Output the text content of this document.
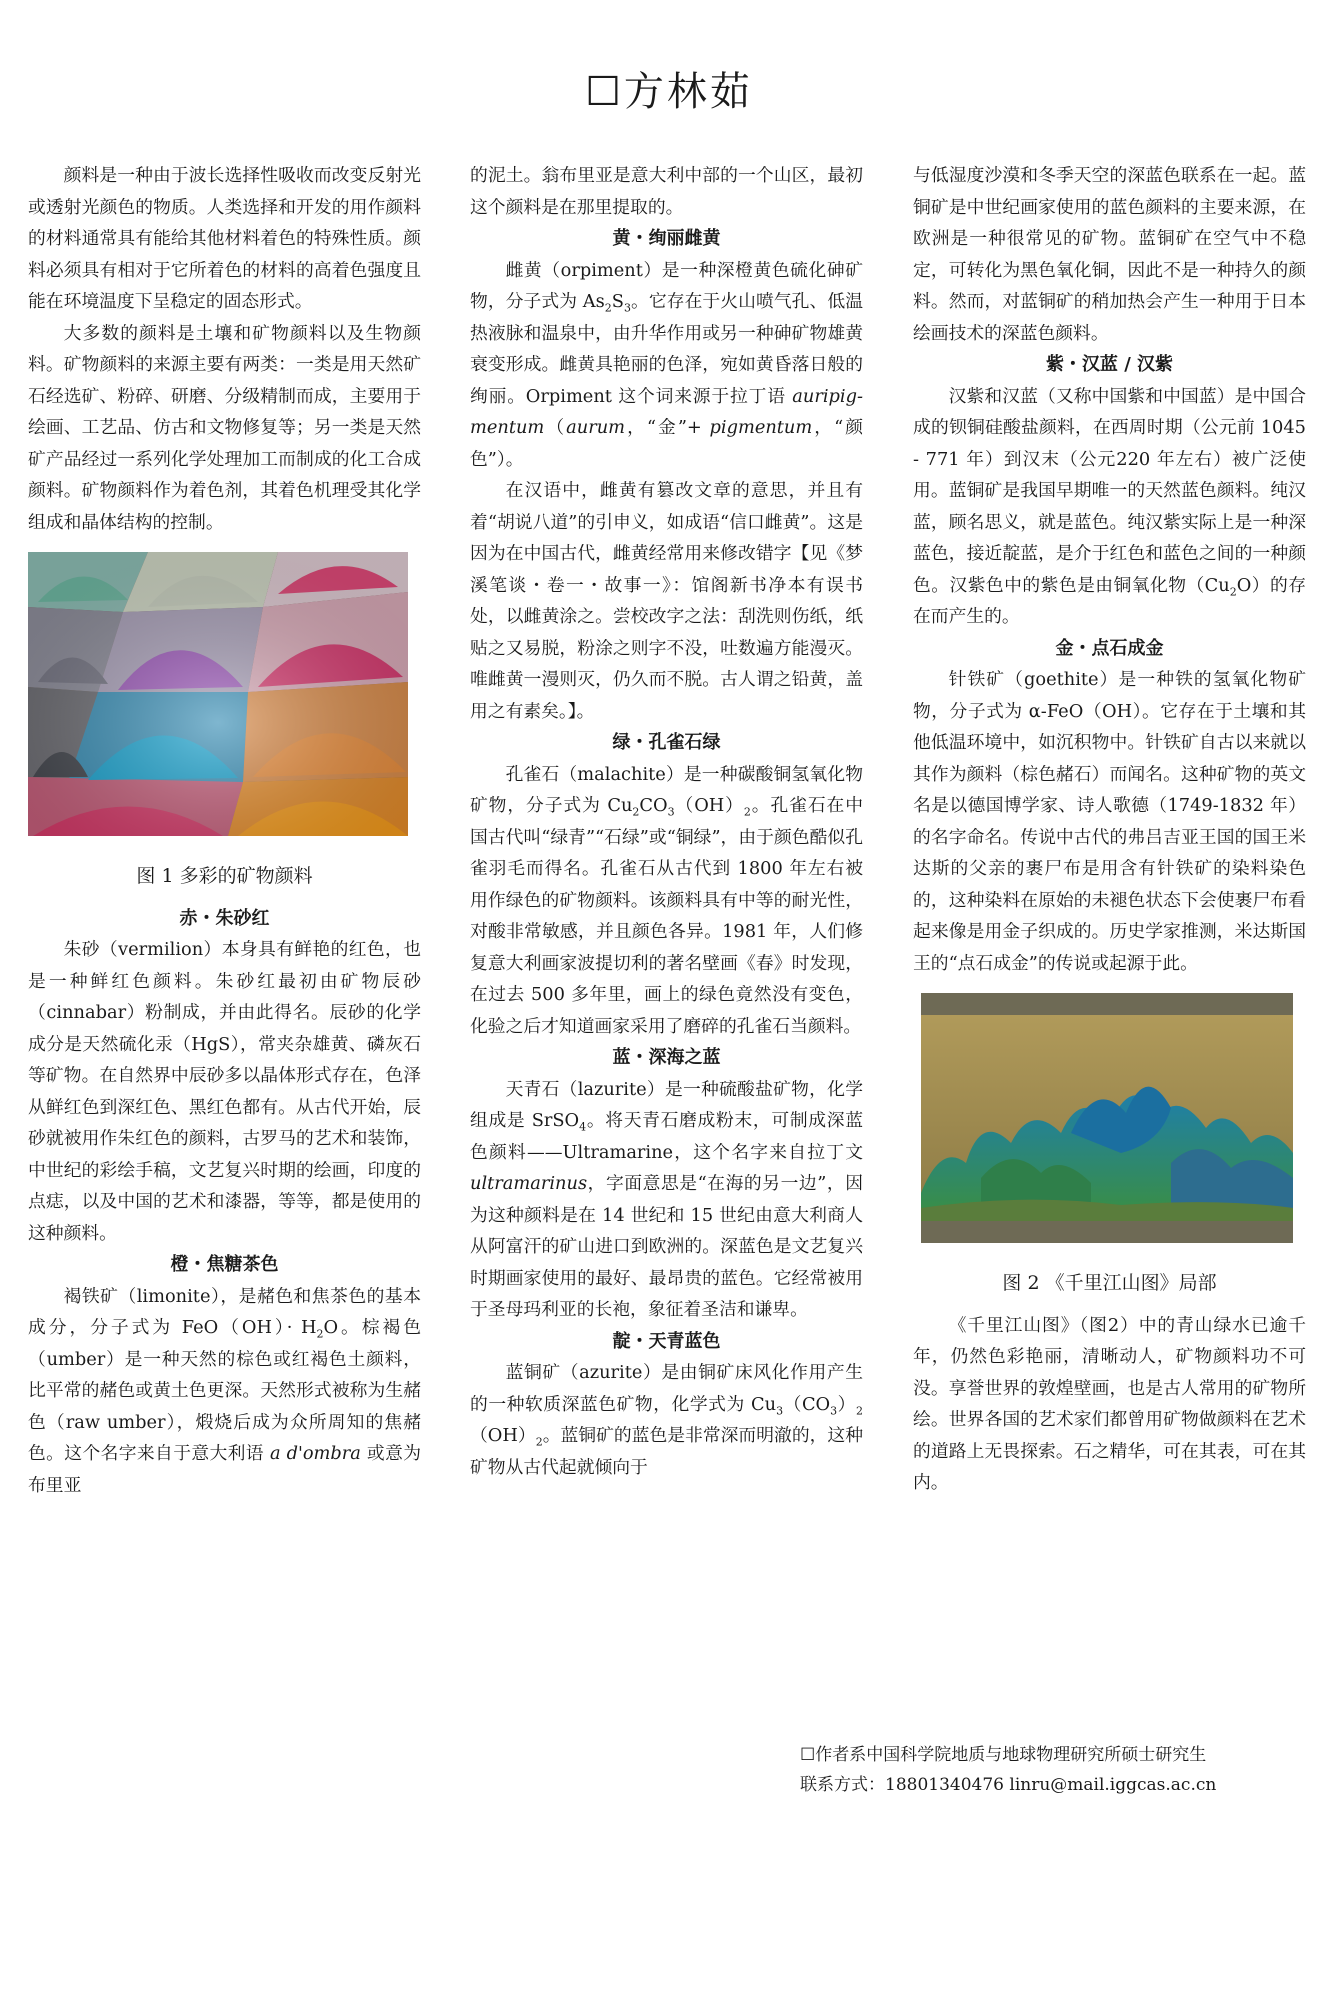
☐方林茹

颜料是一种由于波长选择性吸收而改变反射光或透射光颜色的物质。人类选择和开发的用作颜料的材料通常具有能给其他材料着色的特殊性质。颜料必须具有相对于它所着色的材料的高着色强度且能在环境温度下呈稳定的固态形式。

大多数的颜料是土壤和矿物颜料以及生物颜料。矿物颜料的来源主要有两类：一类是用天然矿石经选矿、粉碎、研磨、分级精制而成，主要用于绘画、工艺品、仿古和文物修复等；另一类是天然矿产品经过一系列化学处理加工而制成的化工合成颜料。矿物颜料作为着色剂，其着色机理受其化学组成和晶体结构的控制。

图 1 多彩的矿物颜料
赤・朱砂红

朱砂（vermilion）本身具有鲜艳的红色，也是一种鲜红色颜料。朱砂红最初由矿物辰砂（cinnabar）粉制成，并由此得名。辰砂的化学成分是天然硫化汞（HgS），常夹杂雄黄、磷灰石等矿物。在自然界中辰砂多以晶体形式存在，色泽从鲜红色到深红色、黑红色都有。从古代开始，辰砂就被用作朱红色的颜料，古罗马的艺术和装饰，中世纪的彩绘手稿，文艺复兴时期的绘画，印度的点痣，以及中国的艺术和漆器，等等，都是使用的这种颜料。

橙・焦糖茶色

褐铁矿（limonite），是赭色和焦茶色的基本成分，分子式为 $FeO(OH)\cdot H_2O$。棕褐色（umber）是一种天然的棕色或红褐色土颜料，比平常的赭色或黄土色更深。天然形式被称为生赭色（raw umber），煅烧后成为众所周知的焦赭色。这个名字来自于意大利语 a d'ombra 或意为布里亚

的泥土。翁布里亚是意大利中部的一个山区，最初这个颜料是在那里提取的。

黄・绚丽雌黄

雌黄（orpiment）是一种深橙黄色硫化砷矿物，分子式为 $As_2S_3$。它存在于火山喷气孔、低温热液脉和温泉中，由升华作用或另一种砷矿物雄黄衰变形成。雌黄具艳丽的色泽，宛如黄昏落日般的绚丽。Orpiment 这个词来源于拉丁语 auripig- mentum（aurum，“金”+ pigmentum，“颜色”）。

在汉语中，雌黄有篡改文章的意思，并且有着“胡说八道”的引申义，如成语“信口雌黄”。这是因为在中国古代，雌黄经常用来修改错字【见《梦溪笔谈・卷一・故事一》：馆阁新书净本有误书处，以雌黄涂之。尝校改字之法：刮洗则伤纸，纸贴之又易脱，粉涂之则字不没，吐数遍方能漫灭。唯雌黄一漫则灭，仍久而不脱。古人谓之铅黄，盖用之有素矣。】。

绿・孔雀石绿

孔雀石（malachite）是一种碳酸铜氢氧化物矿物，分子式为 $Cu_2CO_3(OH)_2$。孔雀石在中国古代叫“绿青”“石绿”或“铜绿”，由于颜色酷似孔雀羽毛而得名。孔雀石从古代到 1800 年左右被用作绿色的矿物颜料。该颜料具有中等的耐光性，对酸非常敏感，并且颜色各异。1981 年，人们修复意大利画家波提切利的著名壁画《春》时发现，在过去 500 多年里，画上的绿色竟然没有变色，化验之后才知道画家采用了磨碎的孔雀石当颜料。

蓝・深海之蓝

天青石（lazurite）是一种硫酸盐矿物，化学组成是 SrSO$_4$。将天青石磨成粉末，可制成深蓝色颜料——Ultramarine，这个名字来自拉丁文 ultramarinus，字面意思是“在海的另一边”，因为这种颜料是在 14 世纪和 15 世纪由意大利商人从阿富汗的矿山进口到欧洲的。深蓝色是文艺复兴时期画家使用的最好、最昂贵的蓝色。它经常被用于圣母玛利亚的长袍，象征着圣洁和谦卑。

靛・天青蓝色

蓝铜矿（azurite）是由铜矿床风化作用产生的一种软质深蓝色矿物，化学式为 $Cu_3(CO_3)_2(OH)_2$。蓝铜矿的蓝色是非常深而明澈的，这种矿物从古代起就倾向于

与低湿度沙漠和冬季天空的深蓝色联系在一起。蓝铜矿是中世纪画家使用的蓝色颜料的主要来源，在欧洲是一种很常见的矿物。蓝铜矿在空气中不稳定，可转化为黑色氧化铜，因此不是一种持久的颜料。然而，对蓝铜矿的稍加热会产生一种用于日本绘画技术的深蓝色颜料。

紫・汉蓝 / 汉紫

汉紫和汉蓝（又称中国紫和中国蓝）是中国合成的钡铜硅酸盐颜料，在西周时期（公元前 1045 - 771 年）到汉末（公元220 年左右）被广泛使用。蓝铜矿是我国早期唯一的天然蓝色颜料。纯汉蓝，顾名思义，就是蓝色。纯汉紫实际上是一种深蓝色，接近靛蓝，是介于红色和蓝色之间的一种颜色。汉紫色中的紫色是由铜氧化物$(Cu_2O)$的存在而产生的。

金・点石成金

针铁矿（goethite）是一种铁的氢氧化物矿物，分子式为 α-FeO（OH）。它存在于土壤和其他低温环境中，如沉积物中。针铁矿自古以来就以其作为颜料（棕色赭石）而闻名。这种矿物的英文名是以德国博学家、诗人歌德（1749-1832 年）的名字命名。传说中古代的弗吕吉亚王国的国王米达斯的父亲的裹尸布是用含有针铁矿的染料染色的，这种染料在原始的未褪色状态下会使裹尸布看起来像是用金子织成的。历史学家推测，米达斯国王的“点石成金”的传说或起源于此。

图 2 《千里江山图》局部

《千里江山图》（图2）中的青山绿水已逾千年，仍然色彩艳丽，清晰动人，矿物颜料功不可没。享誉世界的敦煌壁画，也是古人常用的矿物所绘。世界各国的艺术家们都曾用矿物做颜料在艺术的道路上无畏探索。石之精华，可在其表，可在其内。

☐作者系中国科学院地质与地球物理研究所硕士研究生
联系方式：18801340476 linru@mail.iggcas.ac.cn
